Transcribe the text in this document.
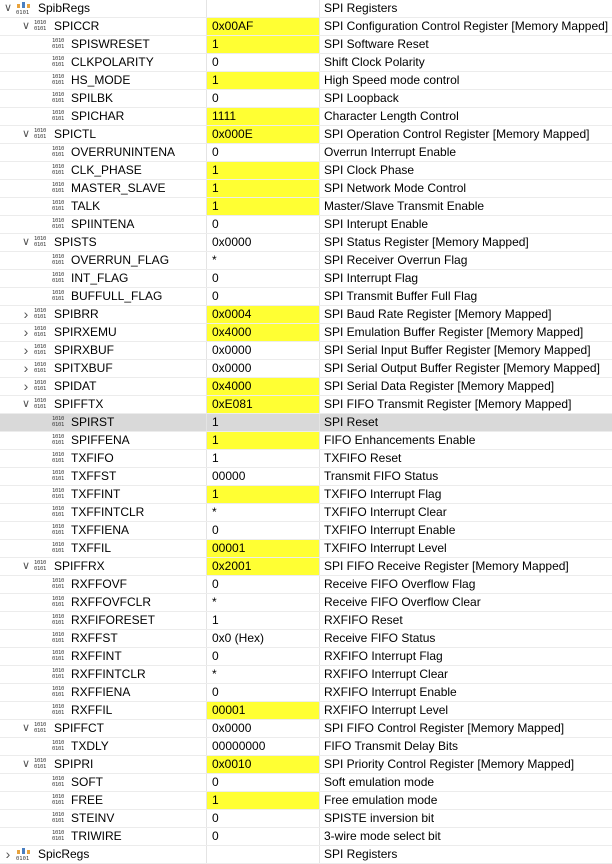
∨ 0101 SpibRegs	SPI Registers
∨ 1010
0101 SPICCR	0x00AF	SPI Configuration Control Register [Memory Mapped]
1010
0101 SPISWRESET	1	SPI Software Reset
1010
0101 CLKPOLARITY	0	Shift Clock Polarity
1010
0101 HS_MODE	1	High Speed mode control
1010
0101 SPILBK	0	SPI Loopback
1010
0101 SPICHAR	1111	Character Length Control
∨ 1010
0101 SPICTL	0x000E	SPI Operation Control Register [Memory Mapped]
1010
0101 OVERRUNINTENA	0	Overrun Interrupt Enable
1010
0101 CLK_PHASE	1	SPI Clock Phase
1010
0101 MASTER_SLAVE	1	SPI Network Mode Control
1010
0101 TALK	1	Master/Slave Transmit Enable
1010
0101 SPIINTENA	0	SPI Interupt Enable
∨ 1010
0101 SPISTS	0x0000	SPI Status Register [Memory Mapped]
1010
0101 OVERRUN_FLAG	*	SPI Receiver Overrun Flag
1010
0101 INT_FLAG	0	SPI Interrupt Flag
1010
0101 BUFFULL_FLAG	0	SPI Transmit Buffer Full Flag
›	1010
0101 SPIBRR	0x0004	SPI Baud Rate Register [Memory Mapped]
›	1010
0101 SPIRXEMU	0x4000	SPI Emulation Buffer Register [Memory Mapped]
›	1010
0101 SPIRXBUF	0x0000	SPI Serial Input Buffer Register [Memory Mapped]
›	1010
0101 SPITXBUF	0x0000	SPI Serial Output Buffer Register [Memory Mapped]
›	1010
0101 SPIDAT	0x4000	SPI Serial Data Register [Memory Mapped]
∨ 1010
0101 SPIFFTX	0xE081	SPI FIFO Transmit Register [Memory Mapped]
1010
0101 SPIRST	1	SPI Reset
1010
0101 SPIFFENA	1	FIFO Enhancements Enable
1010
0101 TXFIFO	1	TXFIFO Reset
1010
0101 TXFFST	00000	Transmit FIFO Status
1010
0101 TXFFINT	1	TXFIFO Interrupt Flag
1010
0101 TXFFINTCLR	*	TXFIFO Interrupt Clear
1010
0101 TXFFIENA	0	TXFIFO Interrupt Enable
1010
0101 TXFFIL	00001	TXFIFO Interrupt Level
∨ 1010
0101 SPIFFRX	0x2001	SPI FIFO Receive Register [Memory Mapped]
1010
0101 RXFFOVF	0	Receive FIFO Overflow Flag
1010
0101 RXFFOVFCLR	*	Receive FIFO Overflow Clear
1010
0101 RXFIFORESET	1	RXFIFO Reset
1010
0101 RXFFST	0x0 (Hex)	Receive FIFO Status
1010
0101 RXFFINT	0	RXFIFO Interrupt Flag
1010
0101 RXFFINTCLR	*	RXFIFO Interrupt Clear
1010
0101 RXFFIENA	0	RXFIFO Interrupt Enable
1010
0101 RXFFIL	00001	RXFIFO Interrupt Level
∨ 1010
0101 SPIFFCT	0x0000	SPI FIFO Control Register [Memory Mapped]
1010
0101 TXDLY	00000000	FIFO Transmit Delay Bits
∨ 1010
0101 SPIPRI	0x0010	SPI Priority Control Register [Memory Mapped]
1010
0101 SOFT	0	Soft emulation mode
1010
0101 FREE	1	Free emulation mode
1010
0101 STEINV	0	SPISTE inversion bit
1010
0101 TRIWIRE	0	3-wire mode select bit
›	0101 SpicRegs	SPI Registers
